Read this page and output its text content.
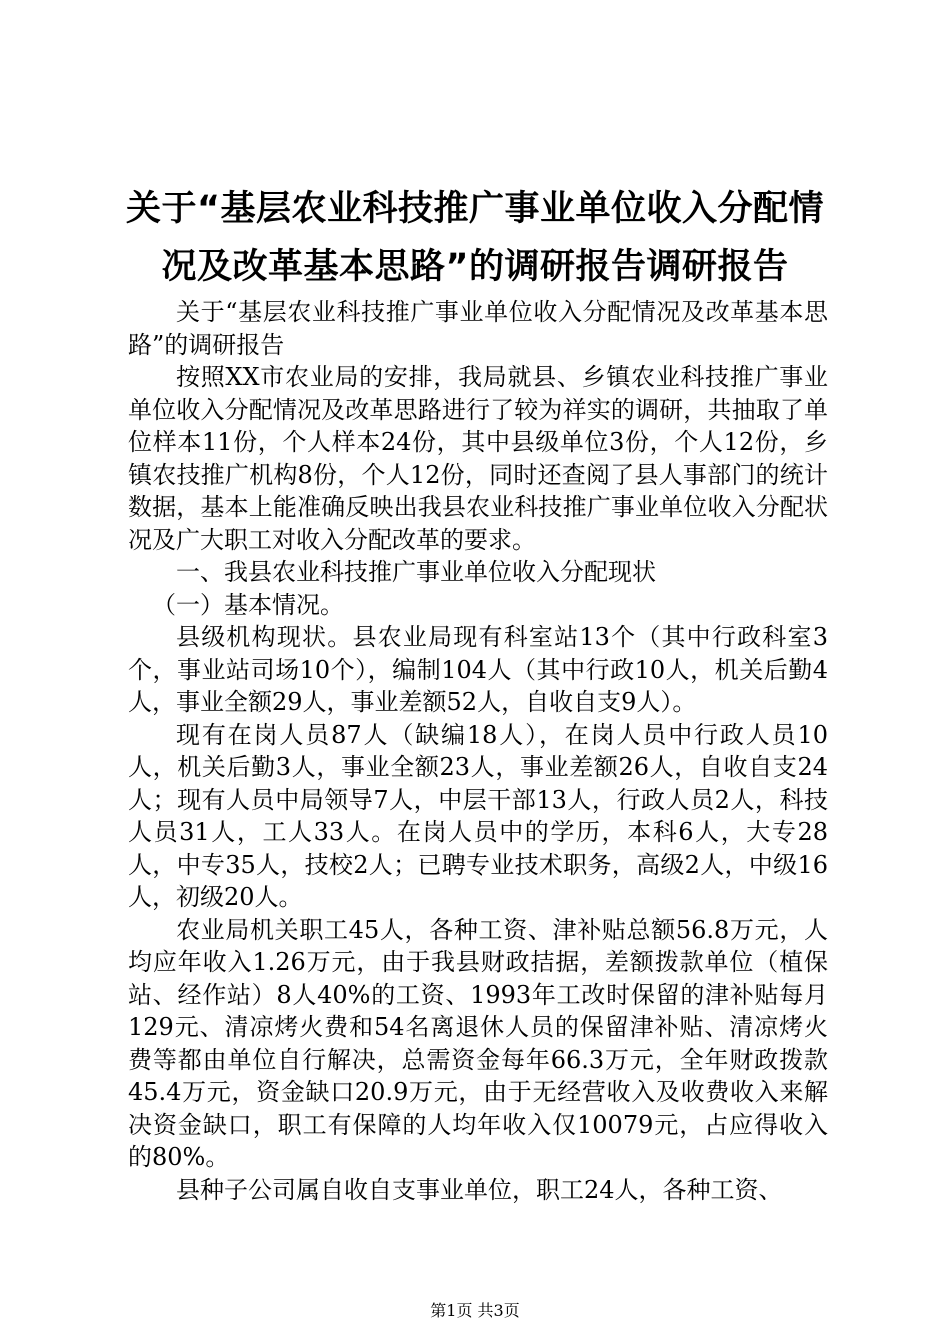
关于“基层农业科技推广事业单位收入分配情况及改革基本思路”的调研报告调研报告

关于“基层农业科技推广事业单位收入分配情况及改革基本思路”的调研报告

按照XX市农业局的安排，我局就县、乡镇农业科技推广事业单位收入分配情况及改革思路进行了较为祥实的调研，共抽取了单位样本11份，个人样本24份，其中县级单位3份，个人12份，乡镇农技推广机构8份，个人12份，同时还查阅了县人事部门的统计数据，基本上能准确反映出我县农业科技推广事业单位收入分配状况及广大职工对收入分配改革的要求。

一、我县农业科技推广事业单位收入分配现状

（一）基本情况。

县级机构现状。县农业局现有科室站13个（其中行政科室3个，事业站司场10个），编制104人（其中行政10人，机关后勤4人，事业全额29人，事业差额52人，自收自支9人）。

现有在岗人员87人（缺编18人），在岗人员中行政人员10人，机关后勤3人，事业全额23人，事业差额26人，自收自支24人；现有人员中局领导7人，中层干部13人，行政人员2人，科技人员31人，工人33人。在岗人员中的学历，本科6人，大专28人，中专35人，技校2人；已聘专业技术职务，高级2人，中级16人，初级20人。

农业局机关职工45人，各种工资、津补贴总额56.8万元，人均应年收入1.26万元，由于我县财政拮据，差额拨款单位（植保站、经作站）8人40%的工资、1993年工改时保留的津补贴每月129元、清凉烤火费和54名离退休人员的保留津补贴、清凉烤火费等都由单位自行解决，总需资金每年66.3万元，全年财政拨款45.4万元，资金缺口20.9万元，由于无经营收入及收费收入来解决资金缺口，职工有保障的人均年收入仅10079元，占应得收入的80%。

县种子公司属自收自支事业单位，职工24人，各种工资、

第1页 共3页
